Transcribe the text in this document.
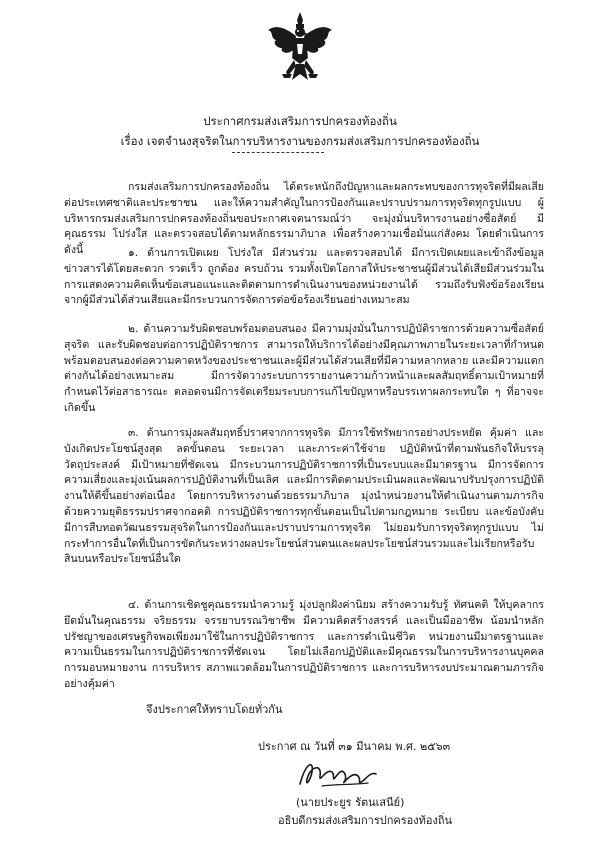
ประกาศกรมส่งเสริมการปกครองท้องถิ่น
เรื่อง เจตจำนงสุจริตในการบริหารงานของกรมส่งเสริมการปกครองท้องถิ่น

กรมส่งเสริมการปกครองท้องถิ่น ได้ตระหนักถึงปัญหาและผลกระทบของการทุจริตที่มีผลเสียต่อประเทศชาติและประชาชน และให้ความสำคัญในการป้องกันและปราบปรามการทุจริตทุกรูปแบบ ผู้บริหารกรมส่งเสริมการปกครองท้องถิ่นขอประกาศเจตนารมณ์ว่า จะมุ่งมั่นบริหารงานอย่างซื่อสัตย์ มีคุณธรรม โปร่งใส และตรวจสอบได้ตามหลักธรรมาภิบาล เพื่อสร้างความเชื่อมั่นแก่สังคม โดยดำเนินการ ดังนี้	๑. ด้านการเปิดเผย โปร่งใส มีส่วนร่วม และตรวจสอบได้ มีการเปิดเผยและเข้าถึงข้อมูลข่าวสารได้โดยสะดวก รวดเร็ว ถูกต้อง ครบถ้วน รวมทั้งเปิดโอกาสให้ประชาชนผู้มีส่วนได้เสียมีส่วนร่วมในการแสดงความคิดเห็นข้อเสนอแนะและติดตามการดำเนินงานของหน่วยงานได้ รวมถึงรับฟังข้อร้องเรียนจากผู้มีส่วนได้ส่วนเสียและมีกระบวนการจัดการต่อข้อร้องเรียนอย่างเหมาะสม

๒. ด้านความรับผิดชอบพร้อมตอบสนอง มีความมุ่งมั่นในการปฏิบัติราชการด้วยความซื่อสัตย์สุจริต และรับผิดชอบต่อการปฏิบัติราชการ สามารถให้บริการได้อย่างมีคุณภาพภายในระยะเวลาที่กำหนด พร้อมตอบสนองต่อความคาดหวังของประชาชนและผู้มีส่วนได้ส่วนเสียที่มีความหลากหลาย และมีความแตกต่างกันได้อย่างเหมาะสม มีการจัดวางระบบการรายงานความก้าวหน้าและผลสัมฤทธิ์ตามเป้าหมายที่กำหนดไว้ต่อสาธารณะ ตลอดจนมีการจัดเตรียมระบบการแก้ไขปัญหาหรือบรรเทาผลกระทบใด ๆ ที่อาจจะเกิดขึ้น

๓. ด้านการมุ่งผลสัมฤทธิ์ปราศจากการทุจริต มีการใช้ทรัพยากรอย่างประหยัด คุ้มค่า และบังเกิดประโยชน์สูงสุด ลดขั้นตอน ระยะเวลา และภาระค่าใช้จ่าย ปฏิบัติหน้าที่ตามพันธกิจให้บรรลุวัตถุประสงค์ มีเป้าหมายที่ชัดเจน มีกระบวนการปฏิบัติราชการที่เป็นระบบและมีมาตรฐาน มีการจัดการความเสี่ยงและมุ่งเน้นผลการปฏิบัติงานที่เป็นเลิศ และมีการติดตามประเมินผลและพัฒนาปรับปรุงการปฏิบัติงานให้ดีขึ้นอย่างต่อเนื่อง โดยการบริหารงานด้วยธรรมาภิบาล มุ่งนำหน่วยงานให้ดำเนินงานตามภารกิจด้วยความยุติธรรมปราศจากอคติ การปฏิบัติราชการทุกขั้นตอนเป็นไปตามกฎหมาย ระเบียบ และข้อบังคับ มีการสืบทอดวัฒนธรรมสุจริตในการป้องกันและปราบปรามการทุจริต ไม่ยอมรับการทุจริตทุกรูปแบบ ไม่กระทำการอื่นใดที่เป็นการขัดกันระหว่างผลประโยชน์ส่วนตนและผลประโยชน์ส่วนรวมและไม่เรียกหรือรับสินบนหรือประโยชน์อื่นใด

๔. ด้านการเชิดชูคุณธรรมนำความรู้ มุ่งปลูกฝังค่านิยม สร้างความรับรู้ ทัศนคติ ให้บุคลากรยึดมั่นในคุณธรรม จริยธรรม จรรยาบรรณวิชาชีพ มีความคิดสร้างสรรค์ และเป็นมืออาชีพ น้อมนำหลักปรัชญาของเศรษฐกิจพอเพียงมาใช้ในการปฏิบัติราชการ และการดำเนินชีวิต หน่วยงานมีมาตรฐานและความเป็นธรรมในการปฏิบัติราชการที่ชัดเจน โดยไม่เลือกปฏิบัติและมีคุณธรรมในการบริหารงานบุคคล การมอบหมายงาน การบริหาร สภาพแวดล้อมในการปฏิบัติราชการ และการบริหารงบประมาณตามภารกิจอย่างคุ้มค่า

จึงประกาศให้ทราบโดยทั่วกัน
ประกาศ ณ วันที่ ๓๑ มีนาคม พ.ศ. ๒๕๖๓
(นายประยูร รัตนเสนีย์)
อธิบดีกรมส่งเสริมการปกครองท้องถิ่น
